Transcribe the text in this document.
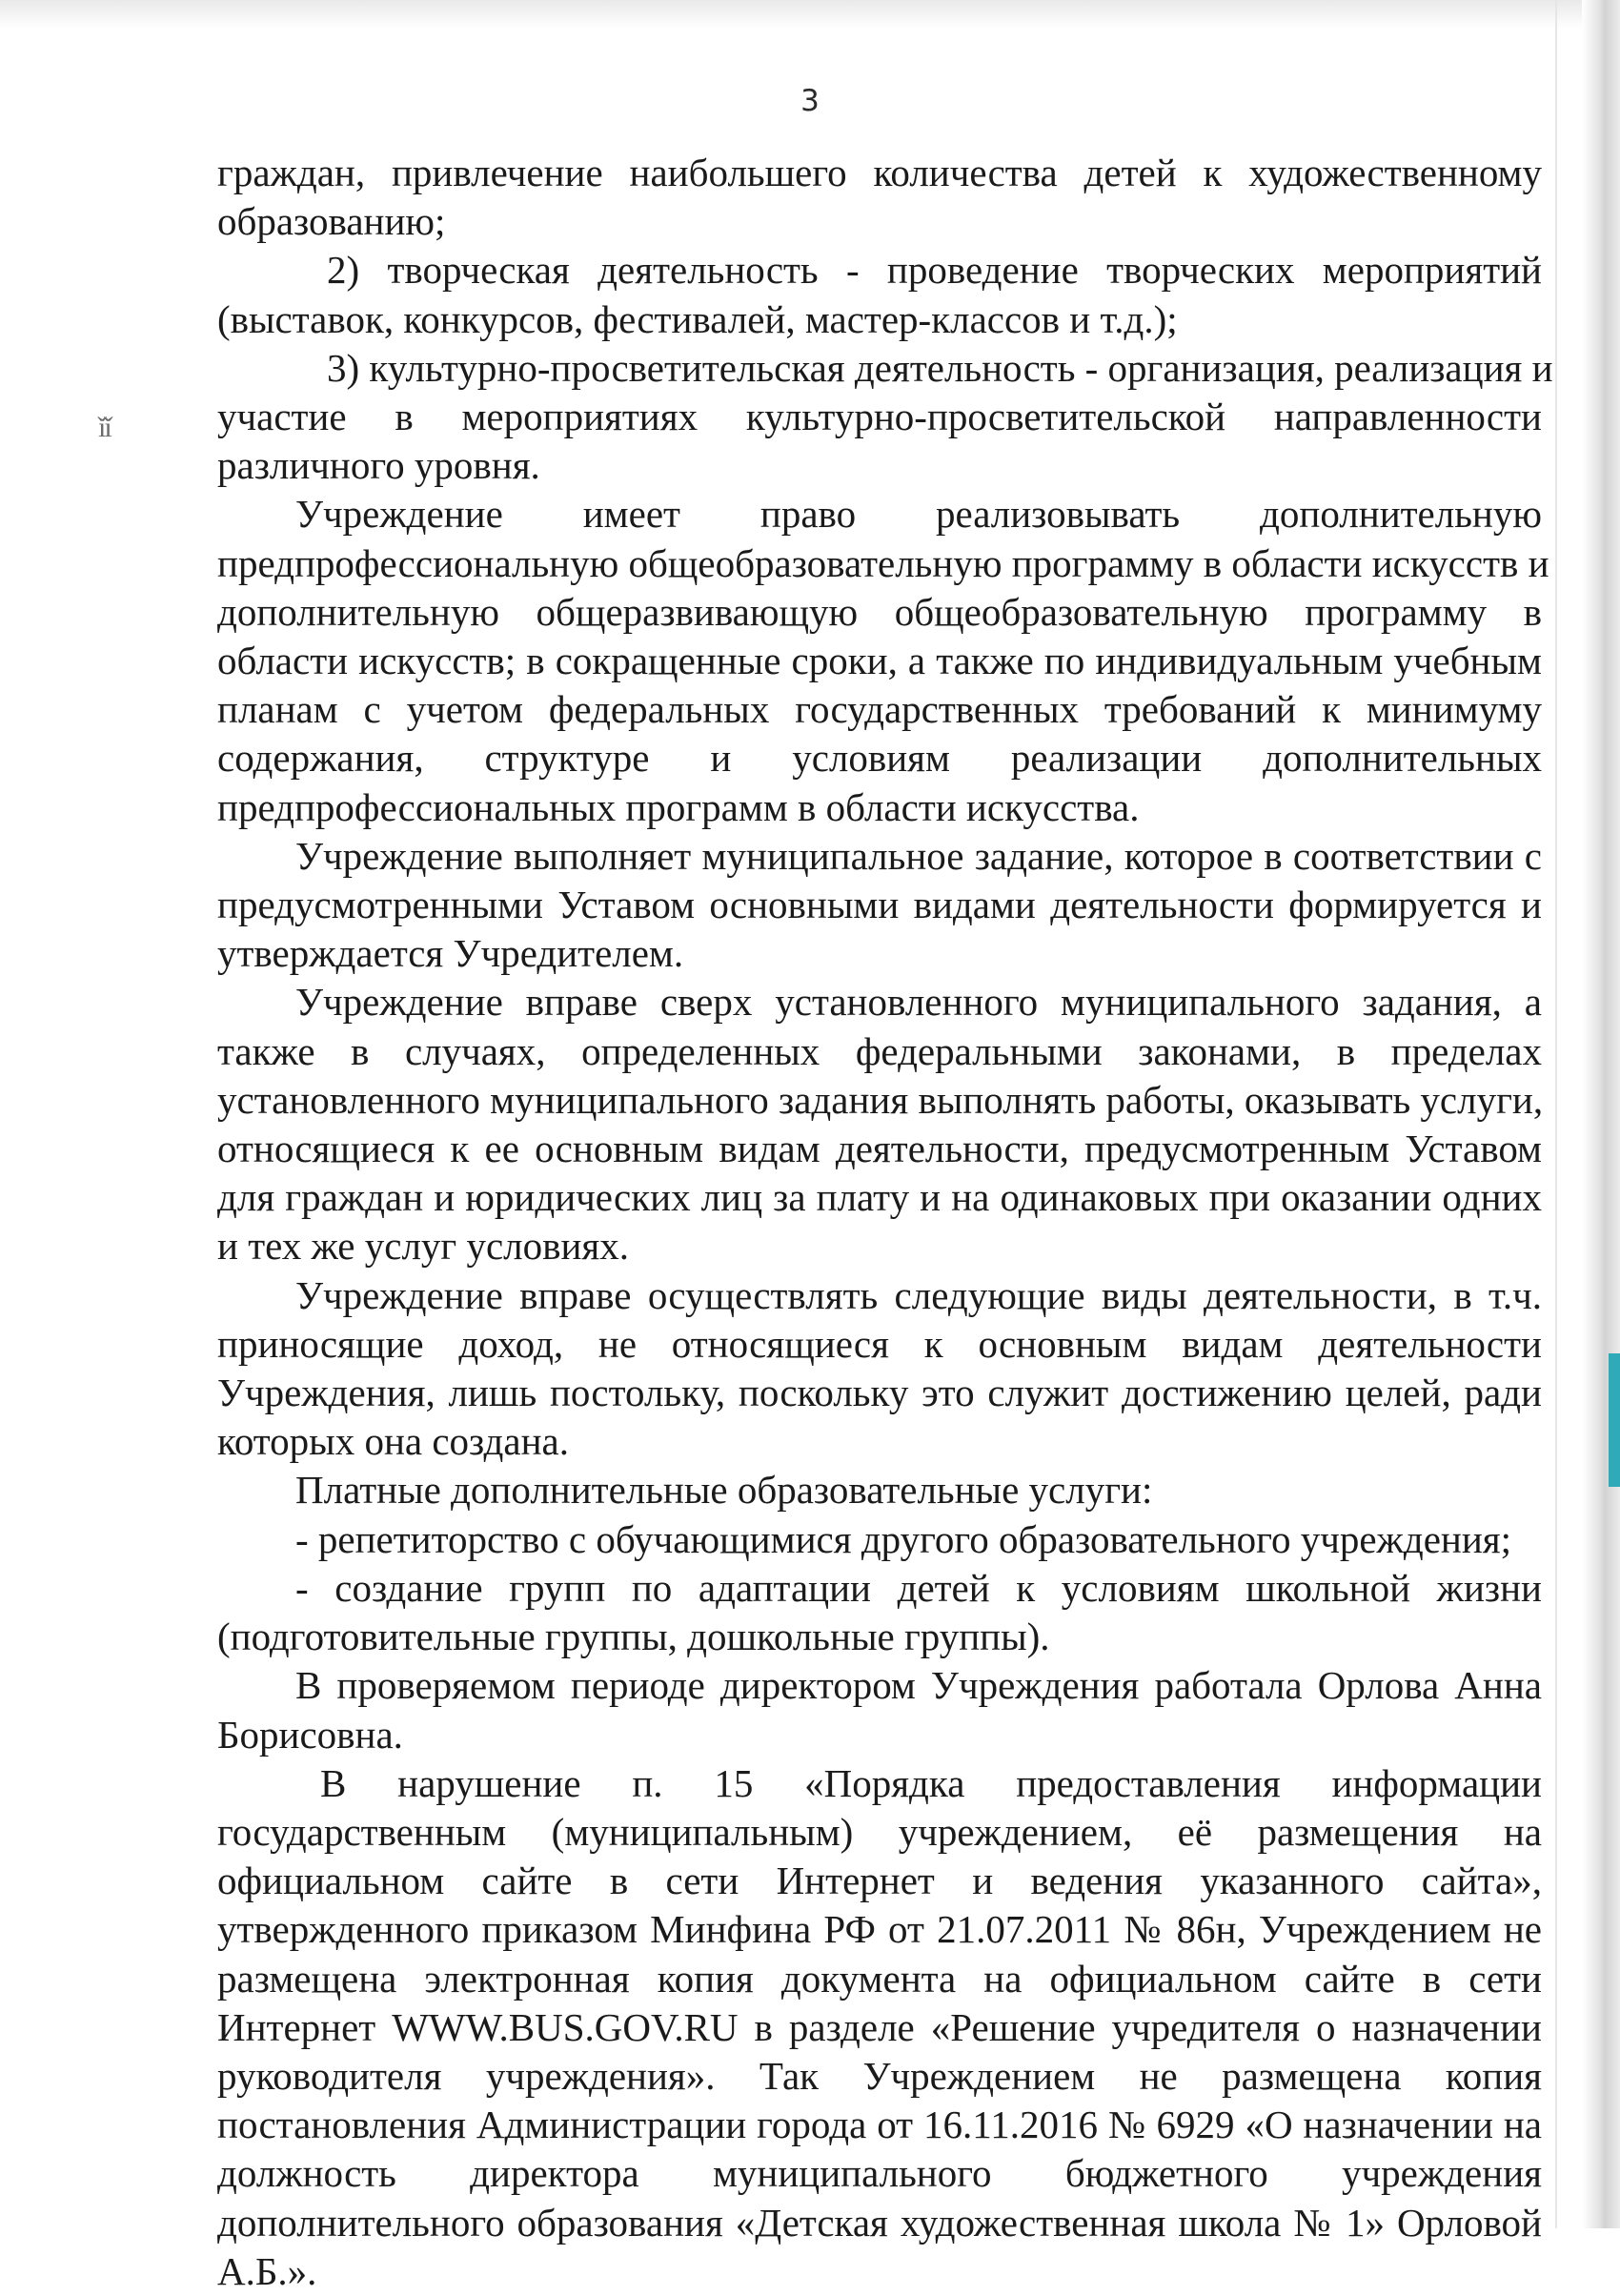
ǐǐ
3
граждан, привлечение наибольшего количества детей к художественному
образованию;
2) творческая деятельность - проведение творческих мероприятий
(выставок, конкурсов, фестивалей, мастер-классов и т.д.);
3) культурно-просветительская деятельность - организация, реализация и
участие в мероприятиях культурно-просветительской направленности
различного уровня.
Учреждение имеет право реализовывать дополнительную
предпрофессиональную общеобразовательную программу в области искусств и
дополнительную общеразвивающую общеобразовательную программу в
области искусств; в сокращенные сроки, а также по индивидуальным учебным
планам с учетом федеральных государственных требований к минимуму
содержания, структуре и условиям реализации дополнительных
предпрофессиональных программ в области искусства.
Учреждение выполняет муниципальное задание, которое в соответствии с
предусмотренными Уставом основными видами деятельности формируется и
утверждается Учредителем.
Учреждение вправе сверх установленного муниципального задания, а
также в случаях, определенных федеральными законами, в пределах
установленного муниципального задания выполнять работы, оказывать услуги,
относящиеся к ее основным видам деятельности, предусмотренным Уставом
для граждан и юридических лиц за плату и на одинаковых при оказании одних
и тех же услуг условиях.
Учреждение вправе осуществлять следующие виды деятельности, в т.ч.
приносящие доход, не относящиеся к основным видам деятельности
Учреждения, лишь постольку, поскольку это служит достижению целей, ради
которых она создана.
Платные дополнительные образовательные услуги:
- репетиторство с обучающимися другого образовательного учреждения;
- создание групп по адаптации детей к условиям школьной жизни
(подготовительные группы, дошкольные группы).
В проверяемом периоде директором Учреждения работала Орлова Анна
Борисовна.
В нарушение п. 15 «Порядка предоставления информации
государственным (муниципальным) учреждением, её размещения на
официальном сайте в сети Интернет и ведения указанного сайта»,
утвержденного приказом Минфина РФ от 21.07.2011 № 86н, Учреждением не
размещена электронная копия документа на официальном сайте в сети
Интернет WWW.BUS.GOV.RU в разделе «Решение учредителя о назначении
руководителя учреждения». Так Учреждением не размещена копия
постановления Администрации города от 16.11.2016 № 6929 «О назначении на
должность директора муниципального бюджетного учреждения
дополнительного образования «Детская художественная школа № 1» Орловой
А.Б.».
